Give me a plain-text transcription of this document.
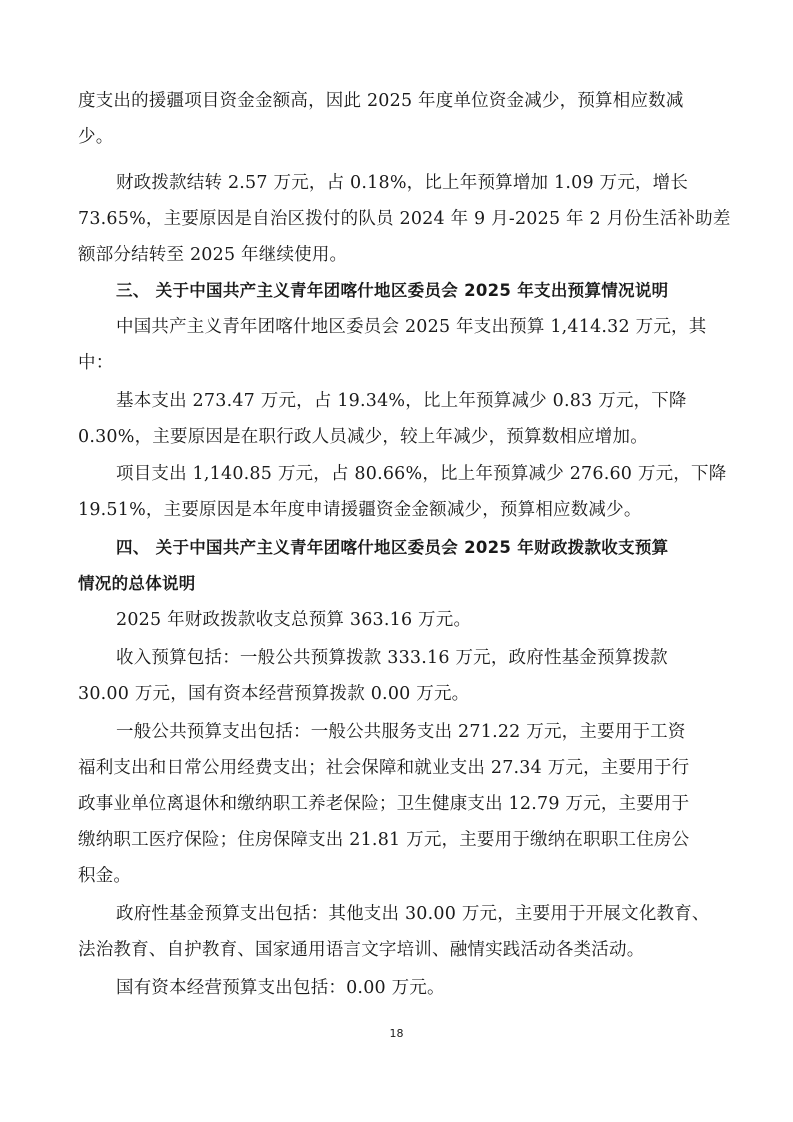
度支出的援疆项目资金金额高，因此 2025 年度单位资金减少，预算相应数减
少。
财政拨款结转 2.57 万元，占 0.18%，比上年预算增加 1.09 万元，增长
73.65%，主要原因是自治区拨付的队员 2024 年 9 月-2025 年 2 月份生活补助差
额部分结转至 2025 年继续使用。
三、 关于中国共产主义青年团喀什地区委员会 2025 年支出预算情况说明
中国共产主义青年团喀什地区委员会 2025 年支出预算 1,414.32 万元，其
中：
基本支出 273.47 万元，占 19.34%，比上年预算减少 0.83 万元，下降
0.30%，主要原因是在职行政人员减少，较上年减少，预算数相应增加。
项目支出 1,140.85 万元，占 80.66%，比上年预算减少 276.60 万元，下降
19.51%，主要原因是本年度申请援疆资金金额减少，预算相应数减少。
四、 关于中国共产主义青年团喀什地区委员会 2025 年财政拨款收支预算
情况的总体说明
2025 年财政拨款收支总预算 363.16 万元。
收入预算包括：一般公共预算拨款 333.16 万元，政府性基金预算拨款
30.00 万元，国有资本经营预算拨款 0.00 万元。
一般公共预算支出包括：一般公共服务支出 271.22 万元，主要用于工资
福利支出和日常公用经费支出；社会保障和就业支出 27.34 万元，主要用于行
政事业单位离退休和缴纳职工养老保险；卫生健康支出 12.79 万元，主要用于
缴纳职工医疗保险；住房保障支出 21.81 万元，主要用于缴纳在职职工住房公
积金。
政府性基金预算支出包括：其他支出 30.00 万元，主要用于开展文化教育、
法治教育、自护教育、国家通用语言文字培训、融情实践活动各类活动。
国有资本经营预算支出包括：0.00 万元。
18
